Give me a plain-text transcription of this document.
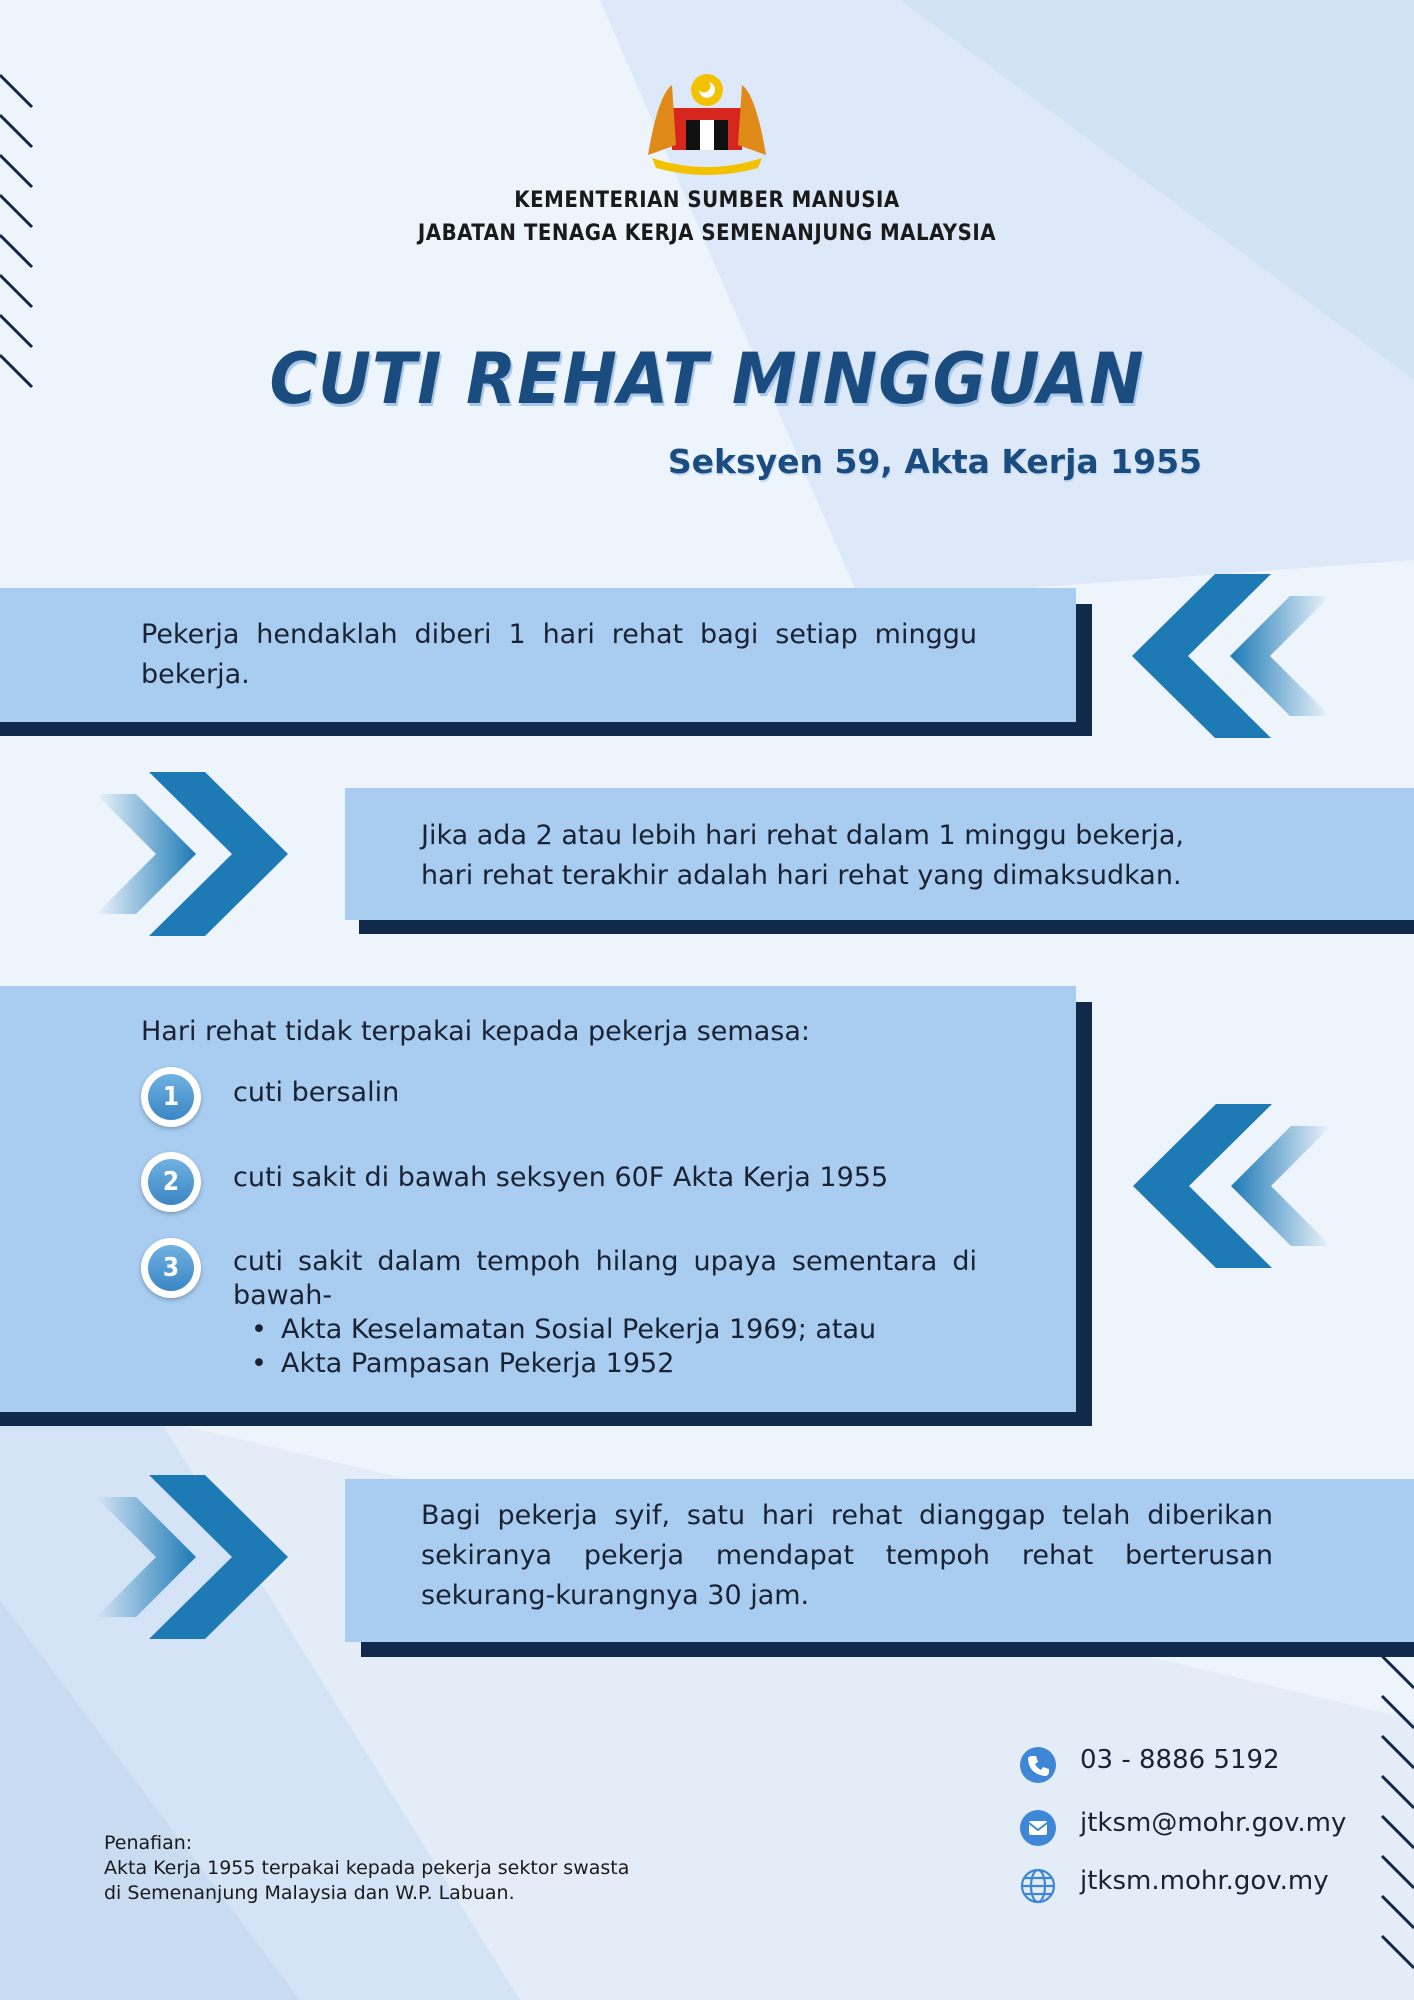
KEMENTERIAN SUMBER MANUSIA
JABATAN TENAGA KERJA SEMENANJUNG MALAYSIA
CUTI REHAT MINGGUAN
Seksyen 59, Akta Kerja 1955
Pekerja hendaklah diberi 1 hari rehat bagi setiap minggu bekerja.
Jika ada 2 atau lebih hari rehat dalam 1 minggu bekerja,
hari rehat terakhir adalah hari rehat yang dimaksudkan.
Hari rehat tidak terpakai kepada pekerja semasa:
1	cuti bersalin
2	cuti sakit di bawah seksyen 60F Akta Kerja 1955
3	cuti sakit dalam tempoh hilang upaya sementara di bawah-
• Akta Keselamatan Sosial Pekerja 1969; atau
• Akta Pampasan Pekerja 1952
Bagi pekerja syif, satu hari rehat dianggap telah diberikan sekiranya pekerja mendapat tempoh rehat berterusan sekurang-kurangnya 30 jam.
Penafian:
Akta Kerja 1955 terpakai kepada pekerja sektor swasta
di Semenanjung Malaysia dan W.P. Labuan.
03 - 8886 5192
jtksm@mohr.gov.my
jtksm.mohr.gov.my
